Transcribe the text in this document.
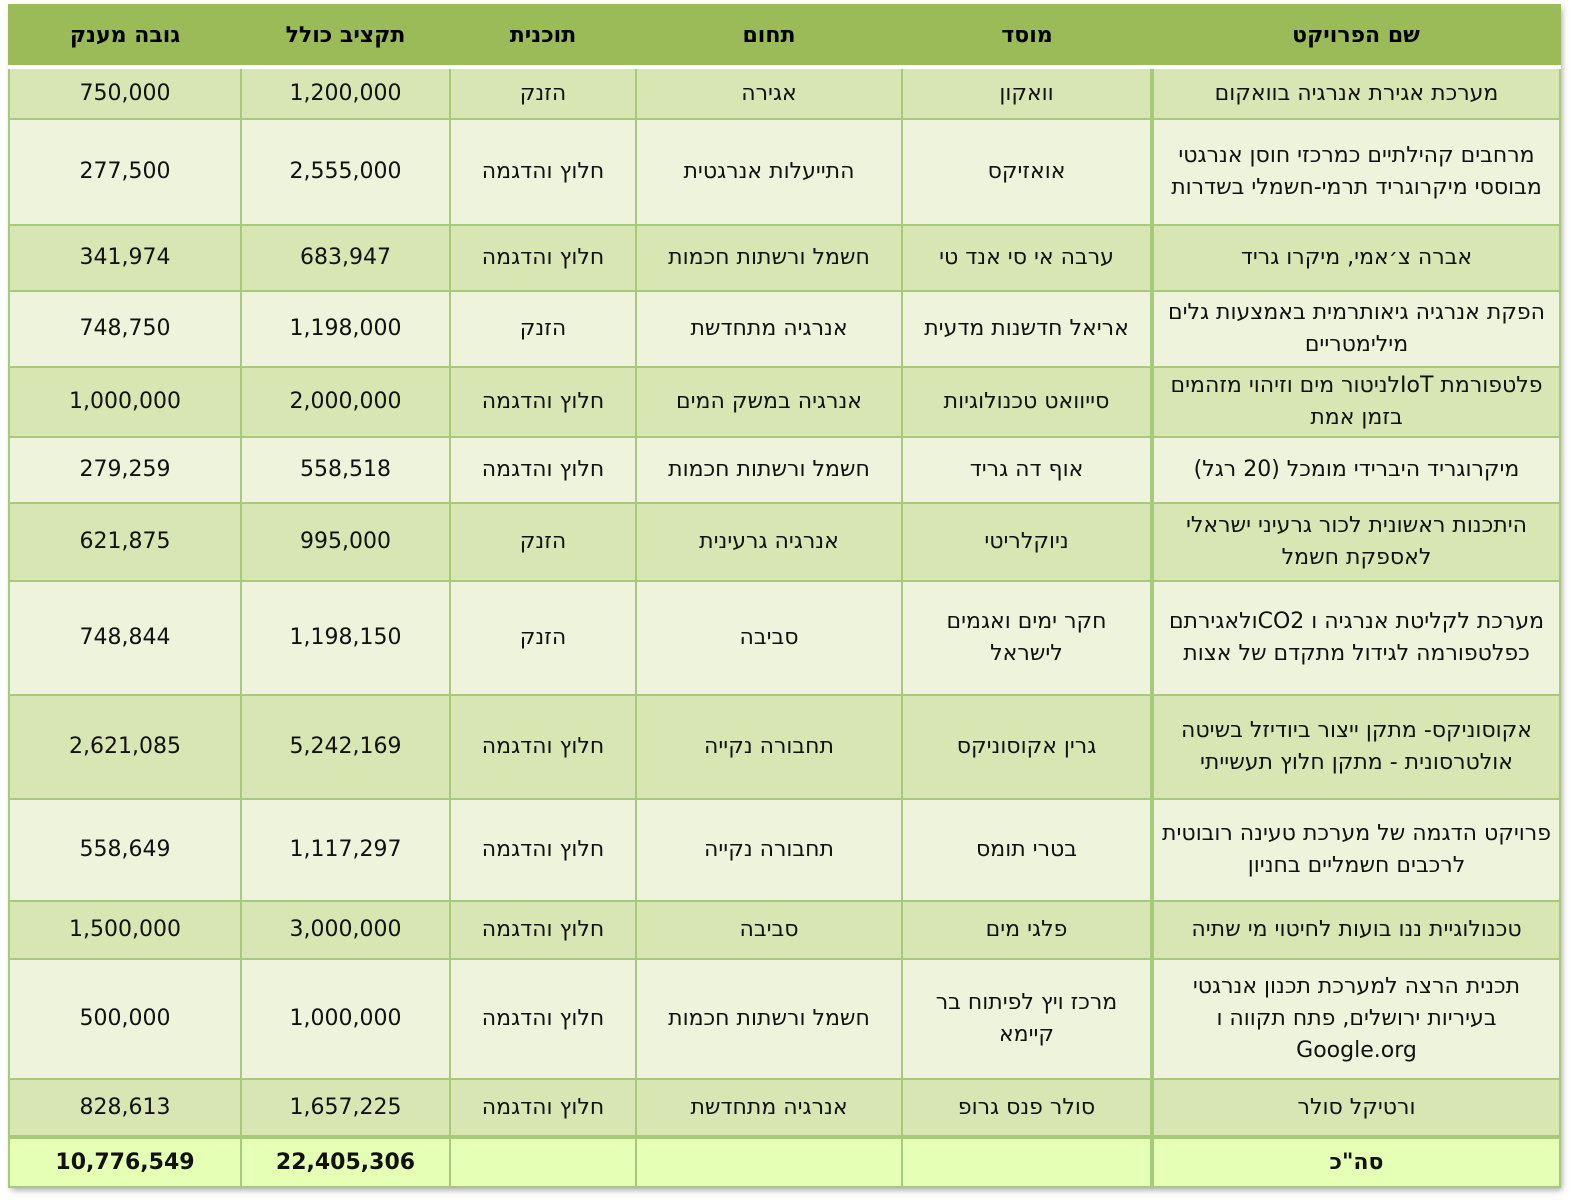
שם הפרויקט	מוסד	תחום	תוכנית	תקציב כולל	גובה מענק
מערכת אגירת אנרגיה בוואקום	וואקון	אגירה	הזנק	1,200,000	750,000
מרחבים קהילתיים כמרכזי חוסן אנרגטי מבוססי מיקרוגריד תרמי-חשמלי בשדרות	אואזיקס	התייעלות אנרגטית	חלוץ והדגמה	2,555,000	277,500
אברה צ׳אמי, מיקרו גריד	ערבה אי סי אנד טי	חשמל ורשתות חכמות	חלוץ והדגמה	683,947	341,974
הפקת אנרגיה גיאותרמית באמצעות גלים מילימטריים	אריאל חדשנות מדעית	אנרגיה מתחדשת	הזנק	1,198,000	748,750
פלטפורמת IoTלניטור מים וזיהוי מזהמים בזמן אמת	סייוואט טכנולוגיות	אנרגיה במשק המים	חלוץ והדגמה	2,000,000	1,000,000
מיקרוגריד היברידי מומכל (20 רגל)	אוף דה גריד	חשמל ורשתות חכמות	חלוץ והדגמה	558,518	279,259
היתכנות ראשונית לכור גרעיני ישראלי לאספקת חשמל	ניוקלריטי	אנרגיה גרעינית	הזנק	995,000	621,875
מערכת לקליטת אנרגיה ו CO2ולאגירתם כפלטפורמה לגידול מתקדם של אצות	חקר ימים ואגמים לישראל	סביבה	הזנק	1,198,150	748,844
אקוסוניקס- מתקן ייצור ביודיזל בשיטה אולטרסונית - מתקן חלוץ תעשייתי	גרין אקוסוניקס	תחבורה נקייה	חלוץ והדגמה	5,242,169	2,621,085
פרויקט הדגמה של מערכת טעינה רובוטית לרכבים חשמליים בחניון	בטרי תומס	תחבורה נקייה	חלוץ והדגמה	1,117,297	558,649
טכנולוגיית ננו בועות לחיטוי מי שתיה	פלגי מים	סביבה	חלוץ והדגמה	3,000,000	1,500,000
תכנית הרצה למערכת תכנון אנרגטי בעיריות ירושלים, פתח תקווה ו Google.org	מרכז ויץ לפיתוח בר קיימא	חשמל ורשתות חכמות	חלוץ והדגמה	1,000,000	500,000
ורטיקל סולר	סולר פנס גרופ	אנרגיה מתחדשת	חלוץ והדגמה	1,657,225	828,613
סה"כ				22,405,306	10,776,549
